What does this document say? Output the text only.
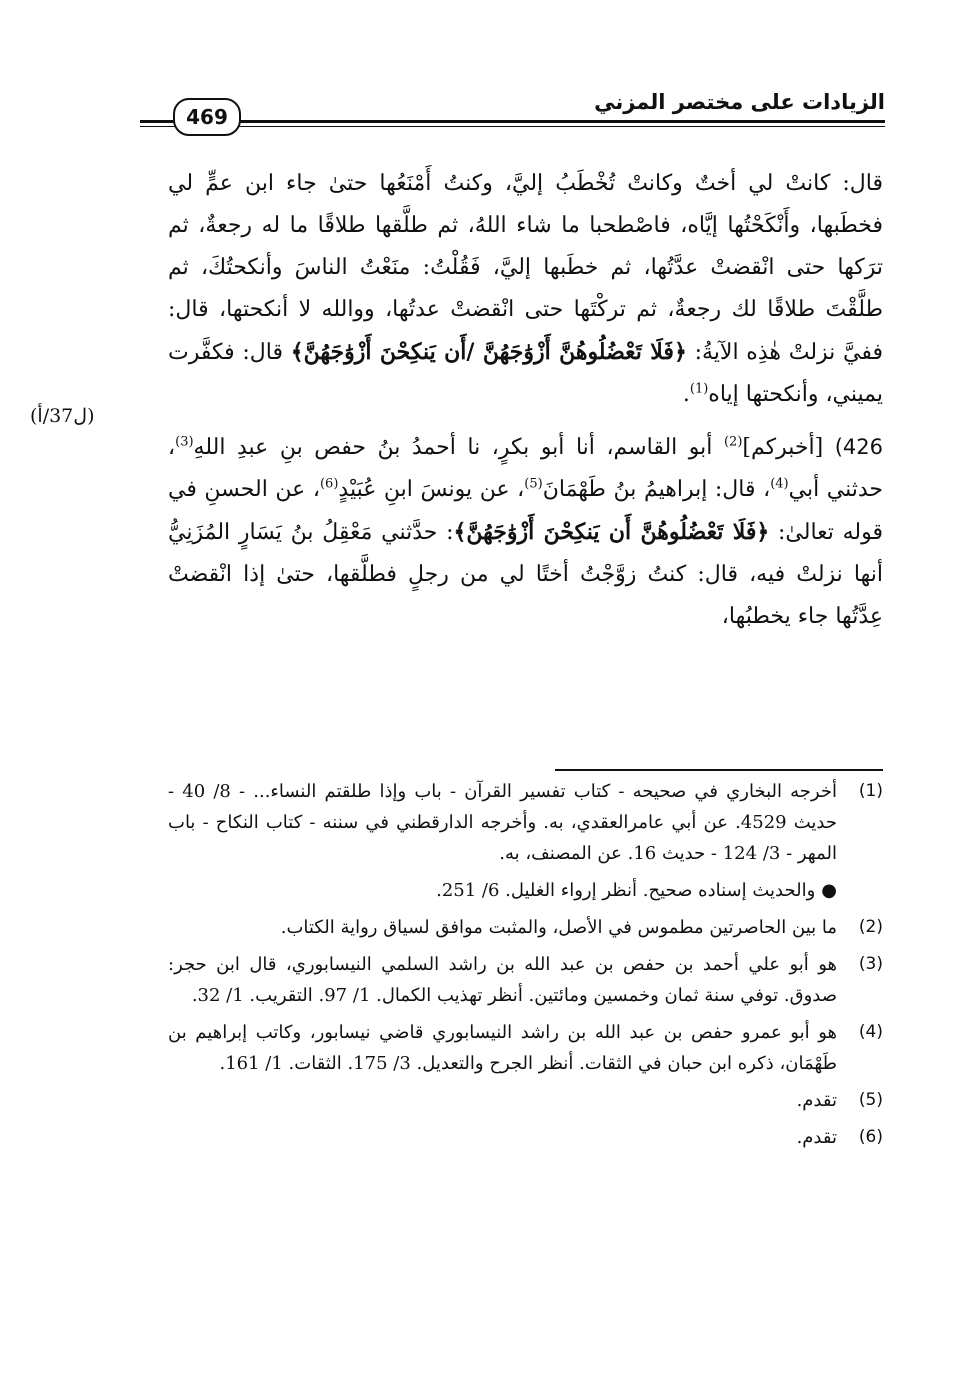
469
الزيادات على مختصر المزني
(ل37/أ)

قال: كانتْ لي أختٌ وكانتْ تُخْطَبُ إليَّ، وكنتُ أَمْنَعُها حتىٰ جاء ابن عمٍّ لي فخطَبها، وأَنْكَحْتُها إيَّاه، فاصْطحبا ما شاء اللهُ، ثم طلَّقها طلاقًا ما له رجعةٌ، ثم ترَكها حتى انْقضتْ عدَّتُها، ثم خطَبها إليَّ، فَقُلْتُ: منَعْتُ الناسَ وأنكحتُكَ، ثم طلَّقْتَ طلاقًا لك رجعةٌ، ثم تركْتَها حتى انْقضتْ عدتُها، ووالله لا أنكحتها، قال: ففيَّ نزلتْ هٰذِه الآيةُ: ﴿فَلَا تَعْضُلُوهُنَّ أَزْوَٰجَهُنَّ /أَن يَنكِحْنَ أَزْوَٰجَهُنَّ﴾ قال: فكفَّرت يميني، وأنكحتها إياه$^{(1)}$.

426) [أخبركم]$^{(2)}$ أبو القاسم، أنا أبو بكرٍ، نا أحمدُ بنُ حفص بنِ عبدِ اللهِ$^{(3)}$، حدثني أبي$^{(4)}$، قال: إبراهيمُ بنُ طَهْمَانَ$^{(5)}$، عن يونسَ ابنِ عُبَيْدٍ$^{(6)}$، عن الحسنِ في قوله تعالىٰ: ﴿فَلَا تَعْضُلُوهُنَّ أَن يَنكِحْنَ أَزْوَٰجَهُنَّ﴾: حدَّثني مَعْقِلُ بنُ يَسَارٍ المُزَنِيُّ أنها نزلتْ فيه، قال: كنتُ زوَّجْتُ أختًا لي من رجلٍ فطلَّقها، حتىٰ إذا انْقضتْ عِدَّتُها جاء يخطبُها،

(1)
أخرجه البخاري في صحيحه - كتاب تفسير القرآن - باب وإذا طلقتم النساء... - 8/ 40 - حديث 4529. عن أبي عامرالعقدي، به. وأخرجه الدارقطني في سننه - كتاب النكاح - باب المهر - 3/ 124 - حديث 16. عن المصنف، به.
●والحديث إسناده صحيح. أنظر إرواء الغليل. 6/ 251.
(2)
ما بين الحاصرتين مطموس في الأصل، والمثبت موافق لسياق رواية الكتاب.
(3)
هو أبو علي أحمد بن حفص بن عبد الله بن راشد السلمي النيسابوري، قال ابن حجر: صدوق. توفي سنة ثمان وخمسين ومائتين. أنظر تهذيب الكمال. 1/ 97. التقريب. 1/ 32.
(4)
هو أبو عمرو حفص بن عبد الله بن راشد النيسابوري قاضي نيسابور، وكاتب إبراهيم بن طَهْمَان، ذكره ابن حبان في الثقات. أنظر الجرح والتعديل. 3/ 175. الثقات. 1/ 161.
(5)
تقدم.
(6)
تقدم.
